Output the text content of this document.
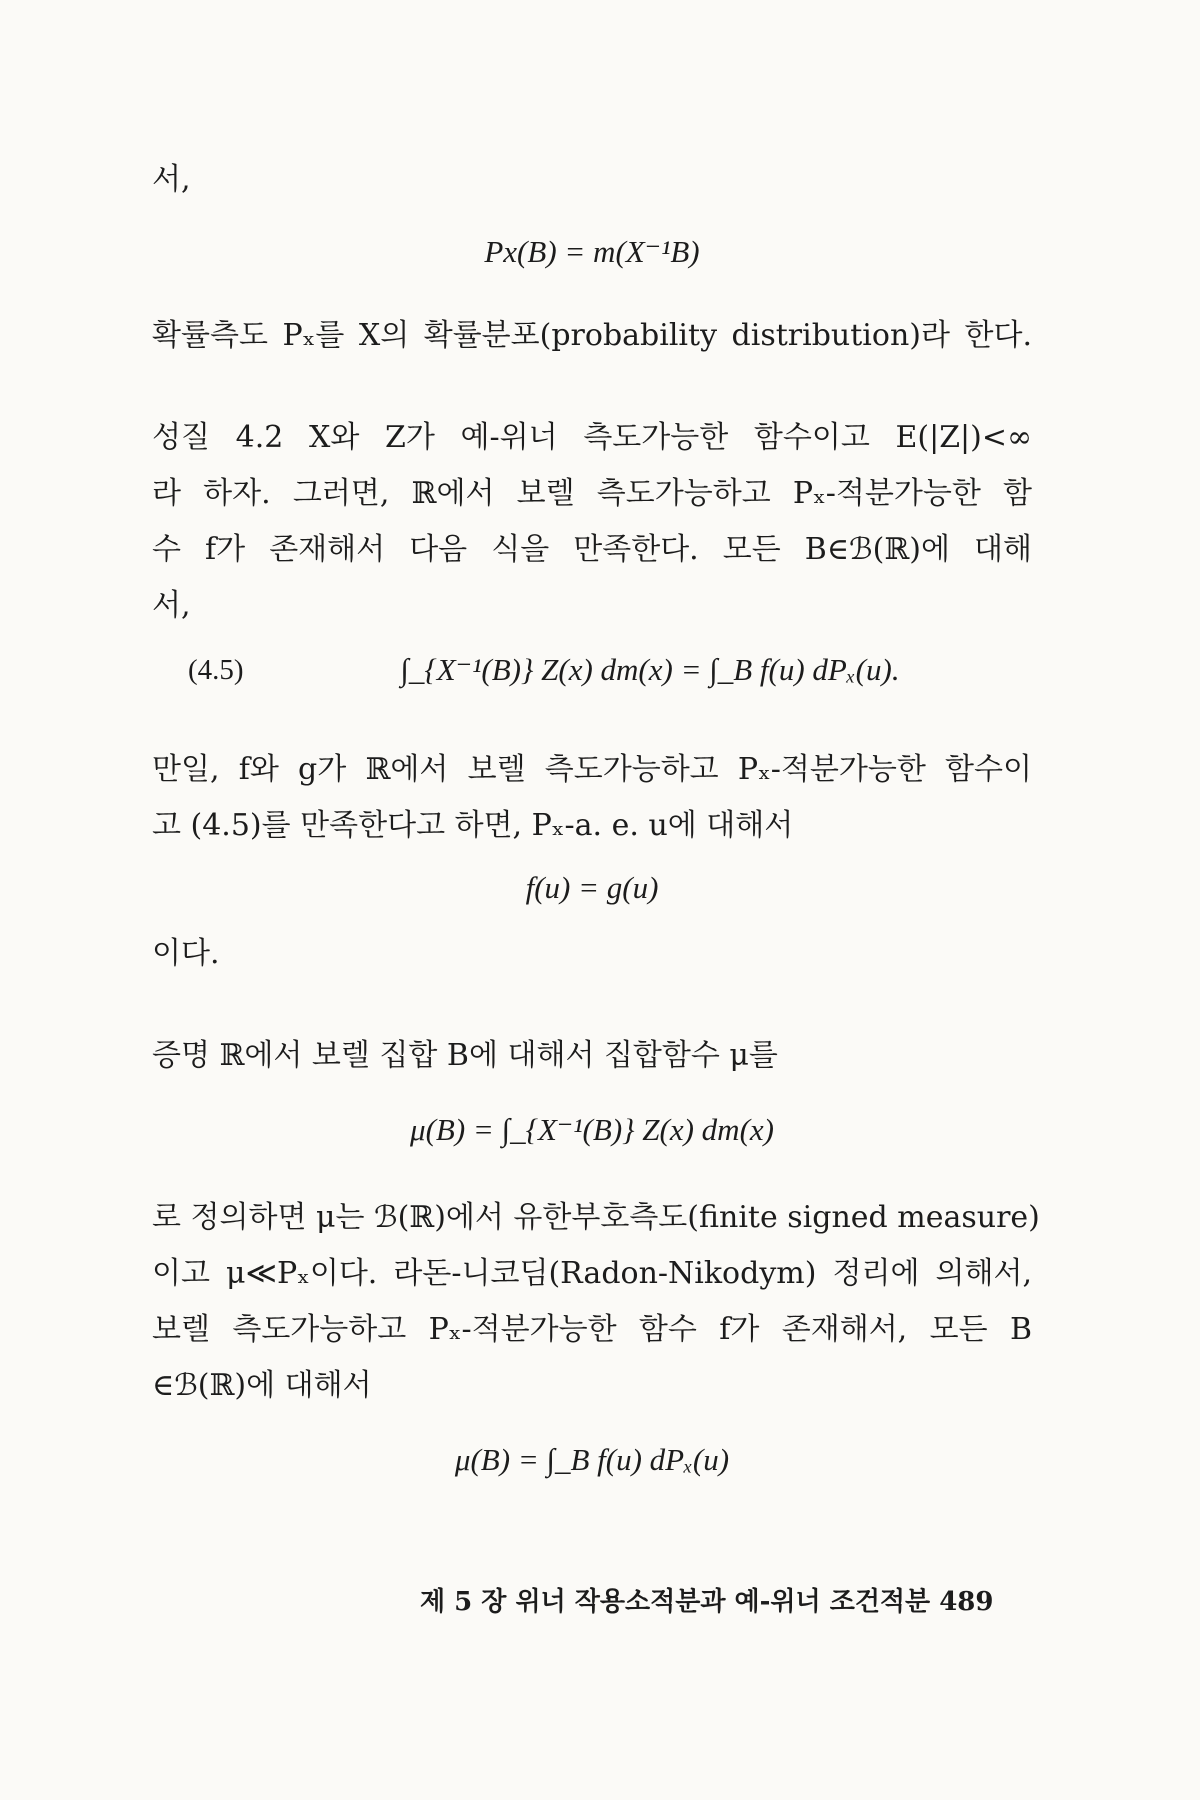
서,
Px(B) = m(X⁻¹B)
확률측도 Pₓ를 X의 확률분포(probability distribution)라 한다.
성질 4.2 X와 Z가 예-위너 측도가능한 함수이고 E(|Z|)<∞
라 하자. 그러면, ℝ에서 보렐 측도가능하고 Pₓ-적분가능한 함
수 f가 존재해서 다음 식을 만족한다. 모든 B∈ℬ(ℝ)에 대해
서,
(4.5)	∫_{X⁻¹(B)} Z(x) dm(x) = ∫_B f(u) dPₓ(u).
만일, f와 g가 ℝ에서 보렐 측도가능하고 Pₓ-적분가능한 함수이
고 (4.5)를 만족한다고 하면, Pₓ-a. e. u에 대해서
f(u) = g(u)
이다.
증명 ℝ에서 보렐 집합 B에 대해서 집합함수 μ를
μ(B) = ∫_{X⁻¹(B)} Z(x) dm(x)
로 정의하면 μ는 ℬ(ℝ)에서 유한부호측도(finite signed measure)
이고 μ≪Pₓ이다. 라돈-니코딤(Radon-Nikodym) 정리에 의해서,
보렐 측도가능하고 Pₓ-적분가능한 함수 f가 존재해서, 모든 B
∈ℬ(ℝ)에 대해서
μ(B) = ∫_B f(u) dPₓ(u)
제 5 장 위너 작용소적분과 예-위너 조건적분 489
